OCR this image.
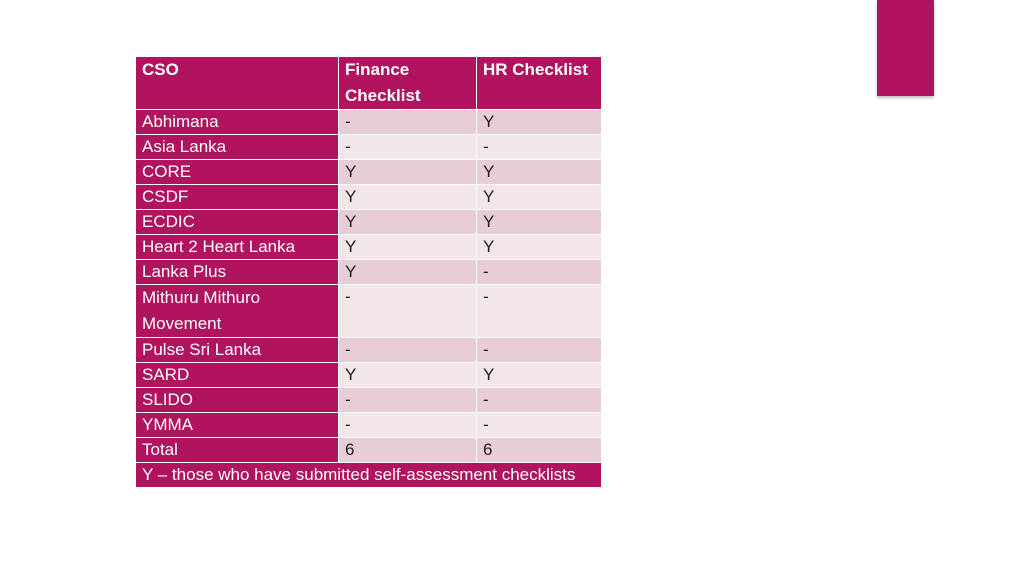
CSO	Finance Checklist	HR Checklist
Abhimana	-	Y
Asia Lanka	-	-
CORE	Y	Y
CSDF	Y	Y
ECDIC	Y	Y
Heart 2 Heart Lanka	Y	Y
Lanka Plus	Y	-
Mithuru Mithuro Movement	-	-
Pulse Sri Lanka	-	-
SARD	Y	Y
SLIDO	-	-
YMMA	-	-
Total	6	6
Y – those who have submitted self-assessment checklists		
